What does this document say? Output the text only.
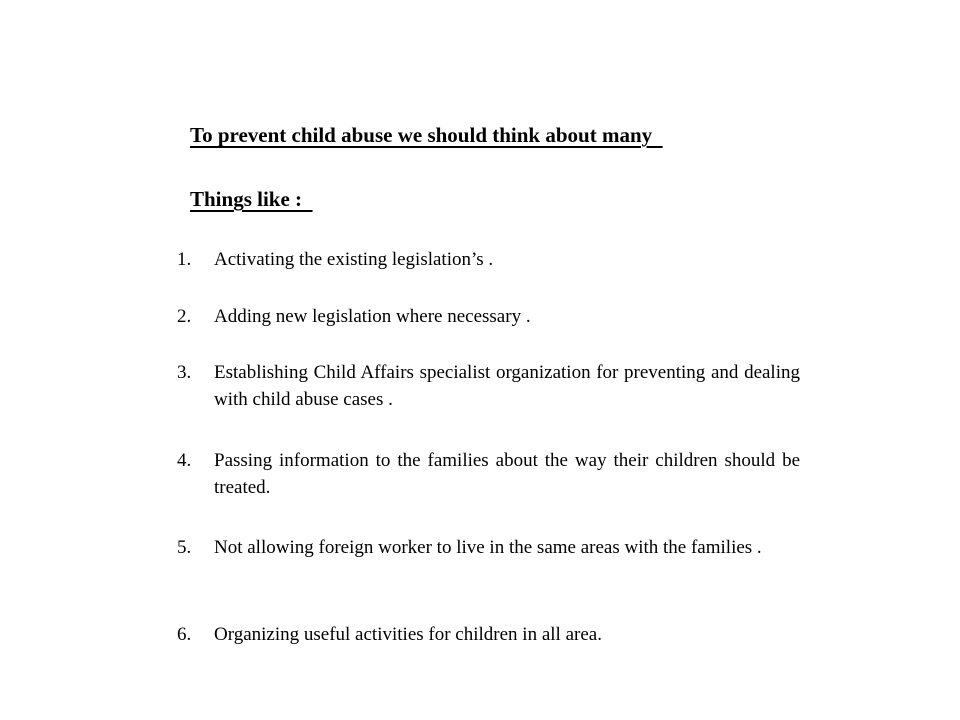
To prevent child abuse we should think about many
Things like :
1. Activating the existing legislation’s .
2. Adding new legislation where necessary .
3. Establishing Child Affairs specialist organization for preventing and dealing with child abuse cases .
4. Passing information to the families about the way their children should be treated.
5. Not allowing foreign worker to live in the same areas with the families .
6. Organizing useful activities for children in all area.
